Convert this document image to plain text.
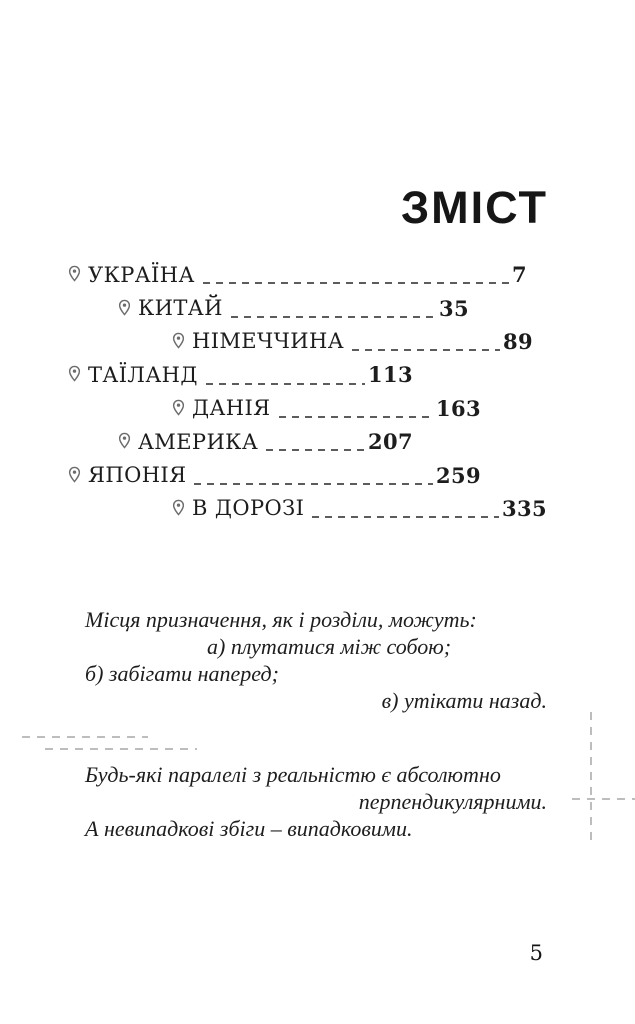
ЗМІСТ
УКРАЇНА	7
КИТАЙ	35
НІМЕЧЧИНА	89
ТАЇЛАНД	113
ДАНІЯ	163
АМЕРИКА	207
ЯПОНІЯ	259
В ДОРОЗІ	335
Місця призначення, як і розділи, можуть:
а) плутатися між собою;
б) забігати наперед;
в) утікати назад.
Будь-які паралелі з реальністю є абсолютно
перпендикулярними.
А невипадкові збіги – випадковими.
5
